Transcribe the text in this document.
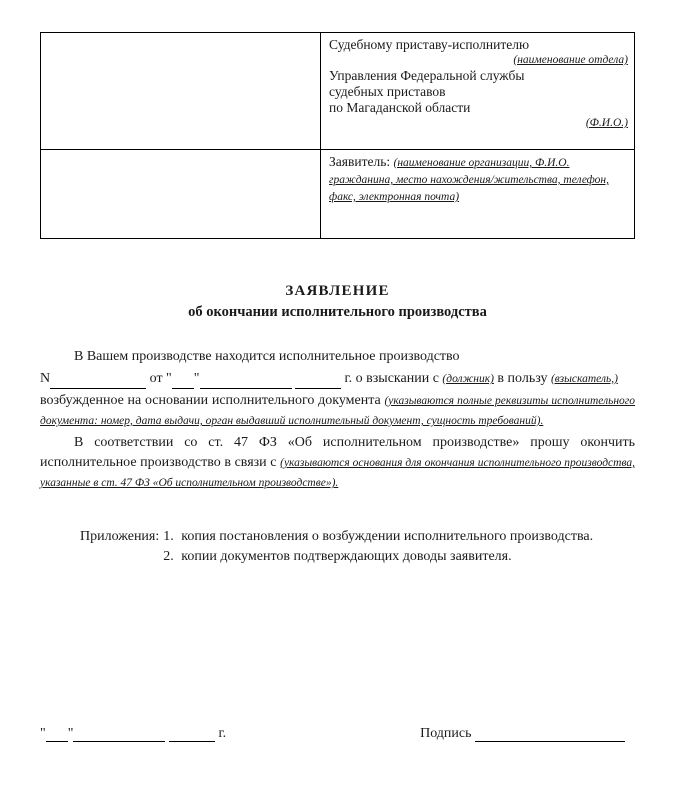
Судебному приставу-исполнителю
(наименование отдела)
Управления Федеральной службы
судебных приставов
по Магаданской области
(Ф.И.О.)

	Заявитель: (наименование организации, Ф.И.О. гражданина, место нахождения/жительства, телефон, факс, электронная почта)
ЗАЯВЛЕНИЕ
об окончании исполнительного производства

В Вашем производстве находится исполнительное производство

N	от " "	г. о взыскании с (должник) в пользу (взыскатель,)

возбужденное на основании исполнительного документа (указываются полные реквизиты исполнительного документа: номер, дата выдачи, орган выдавший исполнительный документ, сущность требований).

В соответствии со ст. 47 ФЗ «Об исполнительном производстве» прошу окончить исполнительное производство в связи с (указываются основания для окончания исполнительного производства, указанные в ст. 47 ФЗ «Об исполнительном производстве»).

Приложения: 1. копия постановления о возбуждении исполнительного производства.
2. копии документов подтверждающих доводы заявителя.
" "	г.	Подпись
